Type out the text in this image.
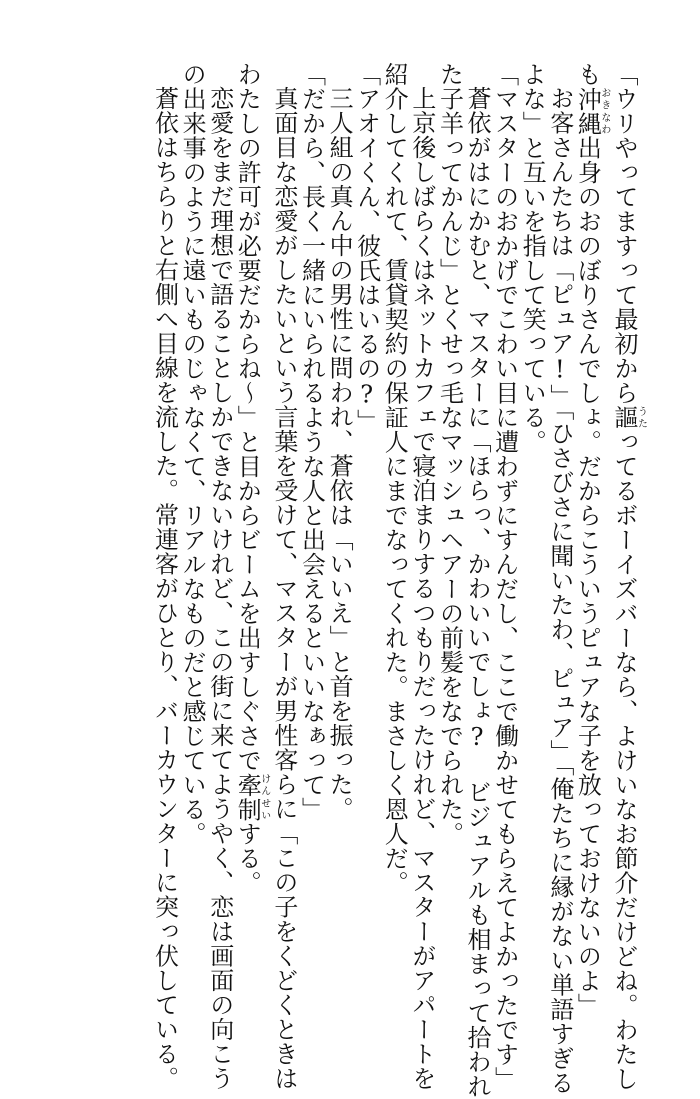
「ウリやってますって最初から謳うたってるボーイズバーなら、よけいなお節介だけどね。わたし
も沖縄おきなわ出身のおのぼりさんでしょ。だからこういうピュアな子を放っておけないのよ」
お客さんたちは「ピュア!」「ひさびさに聞いたわ、ピュア」「俺たちに縁がない単語すぎる
よな」と互いを指して笑っている。
「マスターのおかげでこわい目に遭わずにすんだし、ここで働かせてもらえてよかったです」
蒼依がはにかむと、マスターに「ほらっ、かわいいでしょ? ビジュアルも相まって拾われ
た子羊ってかんじ」とくせっ毛なマッシュヘアーの前髪をなでられた。
上京後しばらくはネットカフェで寝泊まりするつもりだったけれど、マスターがアパートを
紹介してくれて、賃貸契約の保証人にまでなってくれた。まさしく恩人だ。
「アオイくん、彼氏はいるの?」
三人組の真ん中の男性に問われ、蒼依は「いいえ」と首を振った。
「だから、長く一緒にいられるような人と出会えるといいなぁって」
真面目な恋愛がしたいという言葉を受けて、マスターが男性客らに「この子をくどくときは
わたしの許可が必要だからね〜」と目からビームを出すしぐさで牽制けんせいする。
恋愛をまだ理想で語ることしかできないけれど、この街に来てようやく、恋は画面の向こう
の出来事のように遠いものじゃなくて、リアルなものだと感じている。
蒼依はちらりと右側へ目線を流した。常連客がひとり、バーカウンターに突っ伏している。
